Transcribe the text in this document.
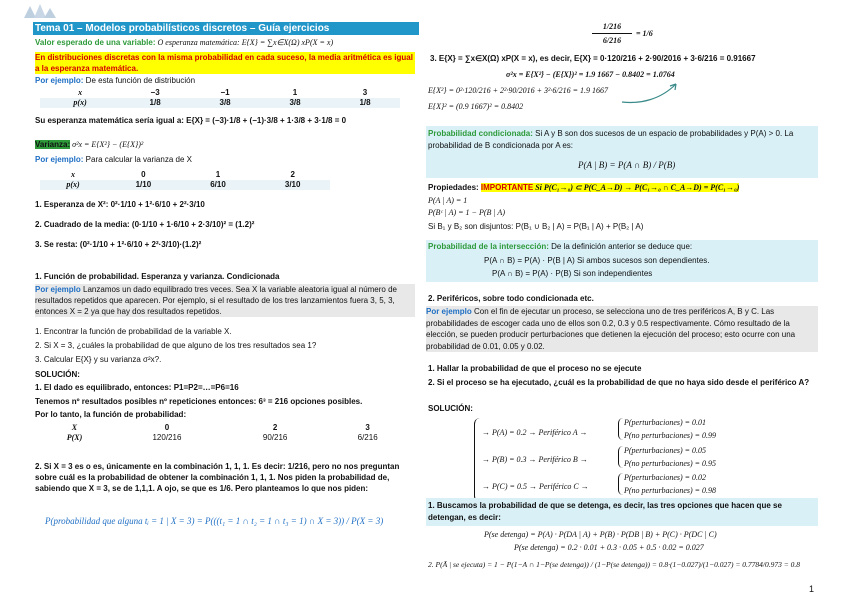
Tema 01 – Modelos probabilísticos discretos – Guía ejercicios
Valor esperado de una variable: O esperanza matemática: E{X} = ∑x∈X(Ω) xP(X = x)
En distribuciones discretas con la misma probabilidad en cada suceso, la media aritmética es igual a la esperanza matemática.
Por ejemplo: De esta función de distribución
x	−3	−1	1	3
p(x)	1/8	3/8	3/8	1/8
Su esperanza matemática sería igual a: E{X} = (−3)·1/8 + (−1)·3/8 + 1·3/8 + 3·1/8 = 0
Varianza: σ²x = E{X²} − (E{X})²
Por ejemplo: Para calcular la varianza de X
x	0	1	2
p(x)	1/10	6/10	3/10
1. Esperanza de X²: 0²·1/10 + 1²·6/10 + 2²·3/10
2. Cuadrado de la media: (0·1/10 + 1·6/10 + 2·3/10)² = (1.2)²
3. Se resta: (0²·1/10 + 1²·6/10 + 2²·3/10)·(1.2)²
1. Función de probabilidad. Esperanza y varianza. Condicionada
Por ejemplo Lanzamos un dado equilibrado tres veces. Sea X la variable aleatoria igual al número de resultados repetidos que aparecen. Por ejemplo, si el resultado de los tres lanzamientos fuera 3, 5, 3, entonces X = 2 ya que hay dos resultados repetidos.
1. Encontrar la función de probabilidad de la variable X.
2. Si X = 3, ¿cuáles la probabilidad de que alguno de los tres resultados sea 1?
3. Calcular E{X} y su varianza σ²x?.
SOLUCIÓN:
1. El dado es equilibrado, entonces: P1=P2=…=P6=16
Tenemos nº resultados posibles nº repeticiones entonces: 6³ = 216 opciones posibles.
Por lo tanto, la función de probabilidad:
X	0	2	3
P(X)	120/216	90/216	6/216
2. Si X = 3 es o es, únicamente en la combinación 1, 1, 1. Es decir: 1/216, pero no nos preguntan sobre cuál es la probabilidad de obtener la combinación 1, 1, 1. Nos piden la probabilidad de, sabiendo que X = 3, se de 1,1,1. A ojo, se que es 1/6. Pero planteamos lo que nos piden:
P(probabilidad que alguna tᵢ = 1 | X = 3) = P(((t₁ = 1 ∩ t₂ = 1 ∩ t₃ = 1) ∩ X = 3)) / P(X = 3)
1/216
6/216
= 1/6
3. E{X} = ∑x∈X(Ω) xP(X = x), es decir, E{X} = 0·120/216 + 2·90/2016 + 3·6/216 = 0.91667
σ²x = E{X²} − (E{X})² = 1.9 1667 − 0.8402 = 1.0764
E{X²} = 0²·120/216 + 2²·90/2016 + 3²·6/216 = 1.9 1667
E{X}² = (0.9 1667)² = 0.8402
Probabilidad condicionada: Si A y B son dos sucesos de un espacio de probabilidades y P(A) > 0. La probabilidad de B condicionada por A es:
P(A | B) = P(A ∩ B) / P(B)
Propiedades: IMPORTANTE Si P(C₁→₀) ⊂ P(C_A→D) → P(C₁→₀ ∩ C_A→D) = P(C₁→₀)
P(A | A) = 1
P(Bᶜ | A) = 1 − P(B | A)
Si B₁ y B₂ son disjuntos: P(B₁ ∪ B₂ | A) = P(B₁ | A) + P(B₂ | A)
Probabilidad de la intersección: De la definición anterior se deduce que:
P(A ∩ B) = P(A) · P(B | A) Si ambos sucesos son dependientes.
P(A ∩ B) = P(A) · P(B) Si son independientes
2. Periféricos, sobre todo condicionada etc.
Por ejemplo Con el fin de ejecutar un proceso, se selecciona uno de tres periféricos A, B y C. Las probabilidades de escoger cada uno de ellos son 0.2, 0.3 y 0.5 respectivamente. Cómo resultado de la elección, se pueden producir perturbaciones que detienen la ejecución del proceso; esto ocurre con una probabilidad de 0.01, 0.05 y 0.02.
1. Hallar la probabilidad de que el proceso no se ejecute
2. Si el proceso se ha ejecutado, ¿cuál es la probabilidad de que no haya sido desde el periférico A?
SOLUCIÓN:
→ P(A) = 0.2 → Periférico A →
P(perturbaciones) = 0.01
P(no perturbaciones) = 0.99
→ P(B) = 0.3 → Periférico B →
P(perturbaciones) = 0.05
P(no perturbaciones) = 0.95
→ P(C) = 0.5 → Periférico C →
P(perturbaciones) = 0.02
P(no perturbaciones) = 0.98
1. Buscamos la probabilidad de que se detenga, es decir, las tres opciones que hacen que se detengan, es decir:
P(se detenga) = P(A) · P(DA | A) + P(B) · P(DB | B) + P(C) · P(DC | C)
P(se detenga) = 0.2 · 0.01 + 0.3 · 0.05 + 0.5 · 0.02 = 0.027
2. P(Ā | se ejecuta) = 1 − P(1−A ∩ 1−P(se detenga)) / (1−P(se detenga)) = 0.8·(1−0.027)/(1−0.027) = 0.7784/0.973 = 0.8
1
